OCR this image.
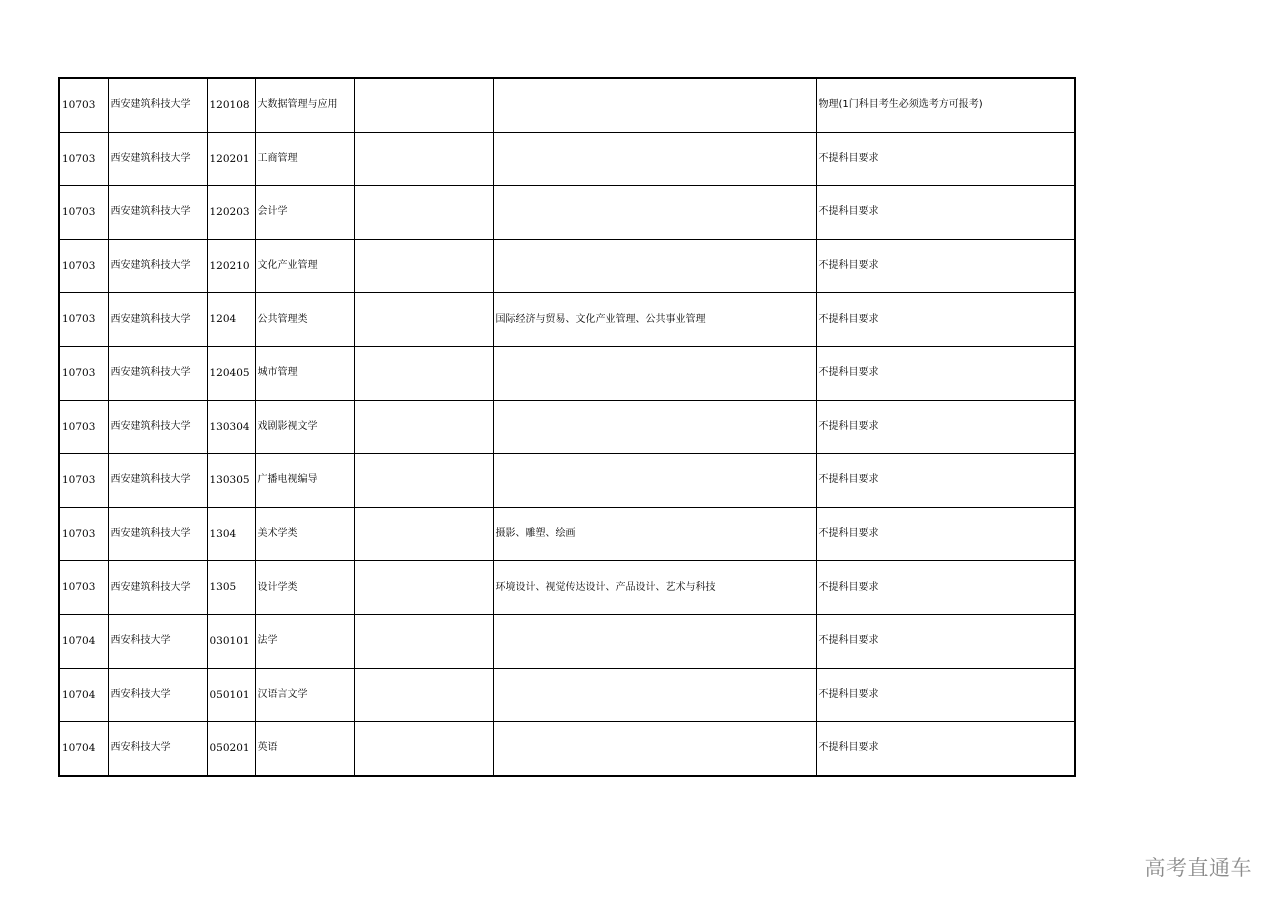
10703	西安建筑科技大学	120108	大数据管理与应用			物理(1门科目考生必须选考方可报考)
10703	西安建筑科技大学	120201	工商管理			不提科目要求
10703	西安建筑科技大学	120203	会计学			不提科目要求
10703	西安建筑科技大学	120210	文化产业管理			不提科目要求
10703	西安建筑科技大学	1204	公共管理类		国际经济与贸易、文化产业管理、公共事业管理	不提科目要求
10703	西安建筑科技大学	120405	城市管理			不提科目要求
10703	西安建筑科技大学	130304	戏剧影视文学			不提科目要求
10703	西安建筑科技大学	130305	广播电视编导			不提科目要求
10703	西安建筑科技大学	1304	美术学类		摄影、雕塑、绘画	不提科目要求
10703	西安建筑科技大学	1305	设计学类		环境设计、视觉传达设计、产品设计、艺术与科技	不提科目要求
10704	西安科技大学	030101	法学			不提科目要求
10704	西安科技大学	050101	汉语言文学			不提科目要求
10704	西安科技大学	050201	英语			不提科目要求
高考直通车
